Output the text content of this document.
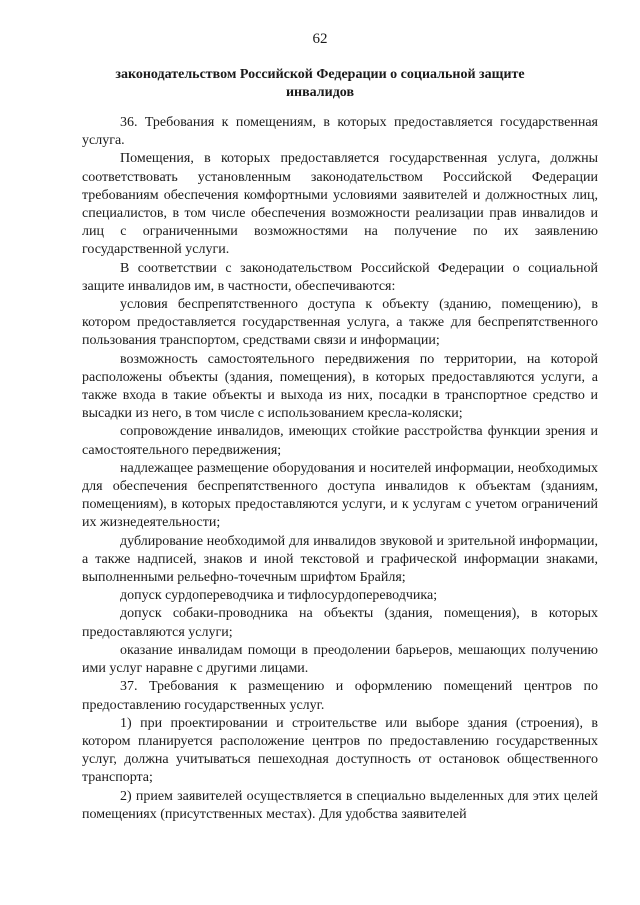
62
законодательством Российской Федерации о социальной защите инвалидов

36. Требования к помещениям, в которых предоставляется государственная услуга.

Помещения, в которых предоставляется государственная услуга, должны соответствовать установленным законодательством Российской Федерации требованиям обеспечения комфортными условиями заявителей и должностных лиц, специалистов, в том числе обеспечения возможности реализации прав инвалидов и лиц с ограниченными возможностями на получение по их заявлению государственной услуги.

В соответствии с законодательством Российской Федерации о социальной защите инвалидов им, в частности, обеспечиваются:

условия беспрепятственного доступа к объекту (зданию, помещению), в котором предоставляется государственная услуга, а также для беспрепятственного пользования транспортом, средствами связи и информации;

возможность самостоятельного передвижения по территории, на которой расположены объекты (здания, помещения), в которых предоставляются услуги, а также входа в такие объекты и выхода из них, посадки в транспортное средство и высадки из него, в том числе с использованием кресла-коляски;

сопровождение инвалидов, имеющих стойкие расстройства функции зрения и самостоятельного передвижения;

надлежащее размещение оборудования и носителей информации, необходимых для обеспечения беспрепятственного доступа инвалидов к объектам (зданиям, помещениям), в которых предоставляются услуги, и к услугам с учетом ограничений их жизнедеятельности;

дублирование необходимой для инвалидов звуковой и зрительной информации, а также надписей, знаков и иной текстовой и графической информации знаками, выполненными рельефно-точечным шрифтом Брайля;

допуск сурдопереводчика и тифлосурдопереводчика;

допуск собаки-проводника на объекты (здания, помещения), в которых предоставляются услуги;

оказание инвалидам помощи в преодолении барьеров, мешающих получению ими услуг наравне с другими лицами.

37. Требования к размещению и оформлению помещений центров по предоставлению государственных услуг.

1) при проектировании и строительстве или выборе здания (строения), в котором планируется расположение центров по предоставлению государственных услуг, должна учитываться пешеходная доступность от остановок общественного транспорта;

2) прием заявителей осуществляется в специально выделенных для этих целей помещениях (присутственных местах). Для удобства заявителей
